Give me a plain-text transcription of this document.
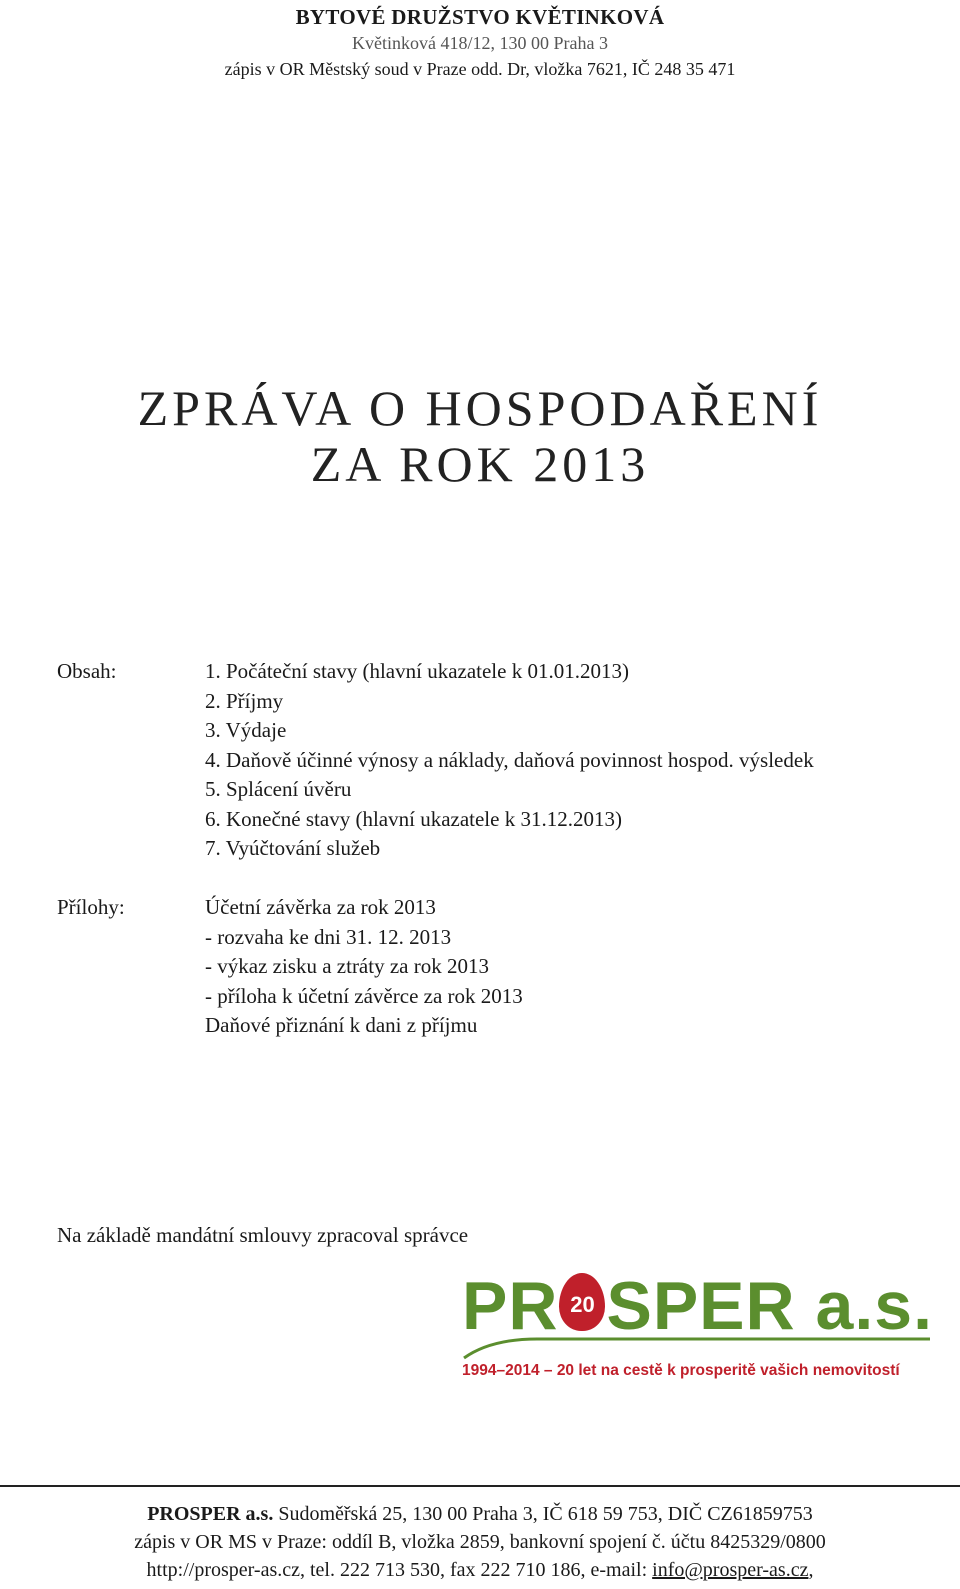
BYTOVÉ DRUŽSTVO KVĚTINKOVÁ
Květinková 418/12, 130 00 Praha 3
zápis v OR Městský soud v Praze odd. Dr, vložka 7621, IČ 248 35 471
ZPRÁVA O HOSPODAŘENÍ
ZA ROK 2013
Obsah:	1. Počáteční stavy (hlavní ukazatele k 01.01.2013)
2. Příjmy
3. Výdaje
4. Daňově účinné výnosy a náklady, daňová povinnost hospod. výsledek
5. Splácení úvěru
6. Konečné stavy (hlavní ukazatele k 31.12.2013)
7. Vyúčtování služeb
Přílohy:	Účetní závěrka za rok 2013
- rozvaha ke dni 31. 12. 2013
- výkaz zisku a ztráty za rok 2013
- příloha k účetní závěrce za rok 2013
Daňové přiznání k dani z příjmu
Na základě mandátní smlouvy zpracoval správce
PR 20 SPER a.s.
1994–2014 – 20 let na cestě k prosperitě vašich nemovitostí
PROSPER a.s. Sudoměřská 25, 130 00 Praha 3, IČ 618 59 753, DIČ CZ61859753
zápis v OR MS v Praze: oddíl B, vložka 2859, bankovní spojení č. účtu 8425329/0800
http://prosper-as.cz, tel. 222 713 530, fax 222 710 186, e-mail: info@prosper-as.cz,
